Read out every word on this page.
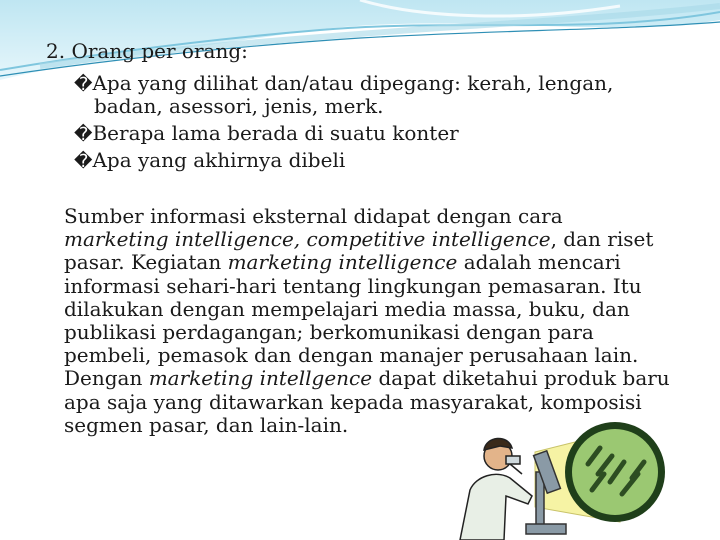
2. Orang per orang:
�Apa yang dilihat dan/atau dipegang: kerah, lengan,
badan, asessori, jenis, merk.
�Berapa lama berada di suatu konter
�Apa yang akhirnya dibeli
Sumber informasi eksternal didapat dengan cara
marketing intelligence, competitive intelligence, dan riset
pasar. Kegiatan marketing intelligence adalah mencari
informasi sehari-hari tentang lingkungan pemasaran. Itu
dilakukan dengan mempelajari media massa, buku, dan
publikasi perdagangan; berkomunikasi dengan para
pembeli, pemasok dan dengan manajer perusahaan lain.
Dengan marketing intellgence dapat diketahui produk baru
apa saja yang ditawarkan kepada masyarakat, komposisi
segmen pasar, dan lain-lain.
